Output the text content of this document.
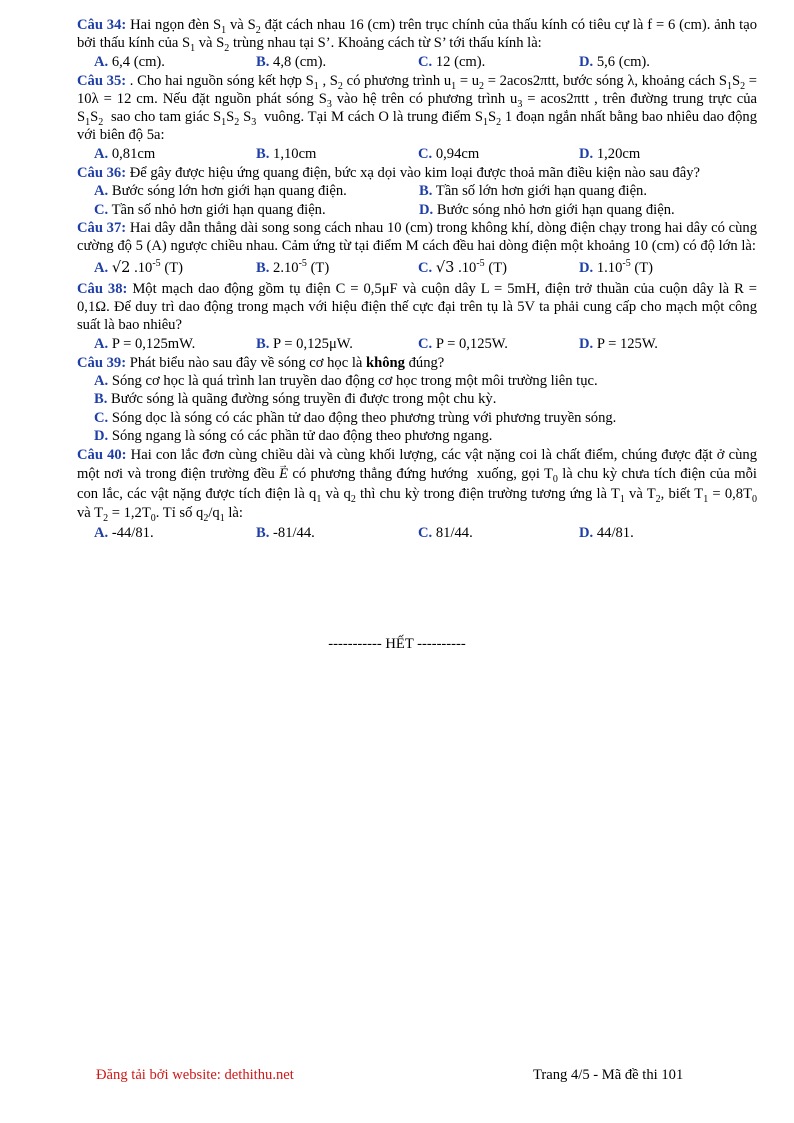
Câu 34: Hai ngọn đèn $S_1$ và $S_2$ đặt cách nhau 16 (cm) trên trục chính của thấu kính có tiêu cự là f = 6 (cm). ảnh tạo bởi thấu kính của $S_1$ và $S_2$ trùng nhau tại S’. Khoảng cách từ S’ tới thấu kính là:

A. 6,4 (cm).	B. 4,8 (cm).	C. 12 (cm).	D. 5,6 (cm).

Câu 35: . Cho hai nguồn sóng kết hợp $S_1$ , $S_2$ có phương trình $u_1 = u_2 = 2acos2\pi tt$, bước sóng λ, khoảng cách $S_1S_2 = 10\lambda = 12$ cm. Nếu đặt nguồn phát sóng $S_3$ vào hệ trên có phương trình $u_3 = acos2\pi tt$ , trên đường trung trực của $S_1S_2$  sao cho tam giác $S_1S_2$ $S_3$  vuông. Tại M cách O là trung điểm $S_1S_2$ 1 đoạn ngắn nhất bằng bao nhiêu dao động với biên độ 5a:

A. 0,81cm	B. 1,10cm	C. 0,94cm	D. 1,20cm

Câu 36: Để gây được hiệu ứng quang điện, bức xạ dọi vào kim loại được thoả mãn điều kiện nào sau đây?

A. Bước sóng lớn hơn giới hạn quang điện.	B. Tần số lớn hơn giới hạn quang điện.
C. Tần số nhỏ hơn giới hạn quang điện.	D. Bước sóng nhỏ hơn giới hạn quang điện.

Câu 37: Hai dây dẫn thẳng dài song song cách nhau 10 (cm) trong không khí, dòng điện chạy trong hai dây có cùng cường độ 5 (A) ngược chiều nhau. Cảm ứng từ tại điểm M cách đều hai dòng điện một khoảng 10 (cm) có độ lớn là:

A. √2 $.10^{-5}$ (T)	B. $2.10^{-5}$ (T)	C. √3 $.10^{-5}$ (T)	D. $1.10^{-5}$ (T)

Câu 38: Một mạch dao động gồm tụ điện C = 0,5μF và cuộn dây L = 5mH, điện trở thuần của cuộn dây là R = 0,1Ω. Để duy trì dao động trong mạch với hiệu điện thế cực đại trên tụ là 5V ta phải cung cấp cho mạch một công suất là bao nhiêu?

A. P = 0,125mW.	B. P = 0,125μW.	C. P = 0,125W.	D. P = 125W.

Câu 39: Phát biểu nào sau đây về sóng cơ học là không đúng?

A. Sóng cơ học là quá trình lan truyền dao động cơ học trong một môi trường liên tục.
B. Bước sóng là quãng đường sóng truyền đi được trong một chu kỳ.
C. Sóng dọc là sóng có các phần tử dao động theo phương trùng với phương truyền sóng.
D. Sóng ngang là sóng có các phần tử dao động theo phương ngang.

Câu 40: Hai con lắc đơn cùng chiều dài và cùng khối lượng, các vật nặng coi là chất điểm, chúng được đặt ở cùng một nơi và trong điện trường đều → E có phương thẳng đứng hướng  xuống, gọi $T_0$ là chu kỳ chưa tích điện của mỗi con lắc, các vật nặng được tích điện là $q_1$ và $q_2$ thì chu kỳ trong điện trường tương ứng là $T_1$ và $T_2$, biết $T_1 = 0,8T_0$ và $T_2 = 1,2T_0$. Tỉ số $q_2/q_1$ là:

A. -44/81.	B. -81/44.	C. 81/44.	D. 44/81.
----------- HẾT ----------
Đăng tải bởi website: dethithu.net	Trang 4/5 - Mã đề thi 101
